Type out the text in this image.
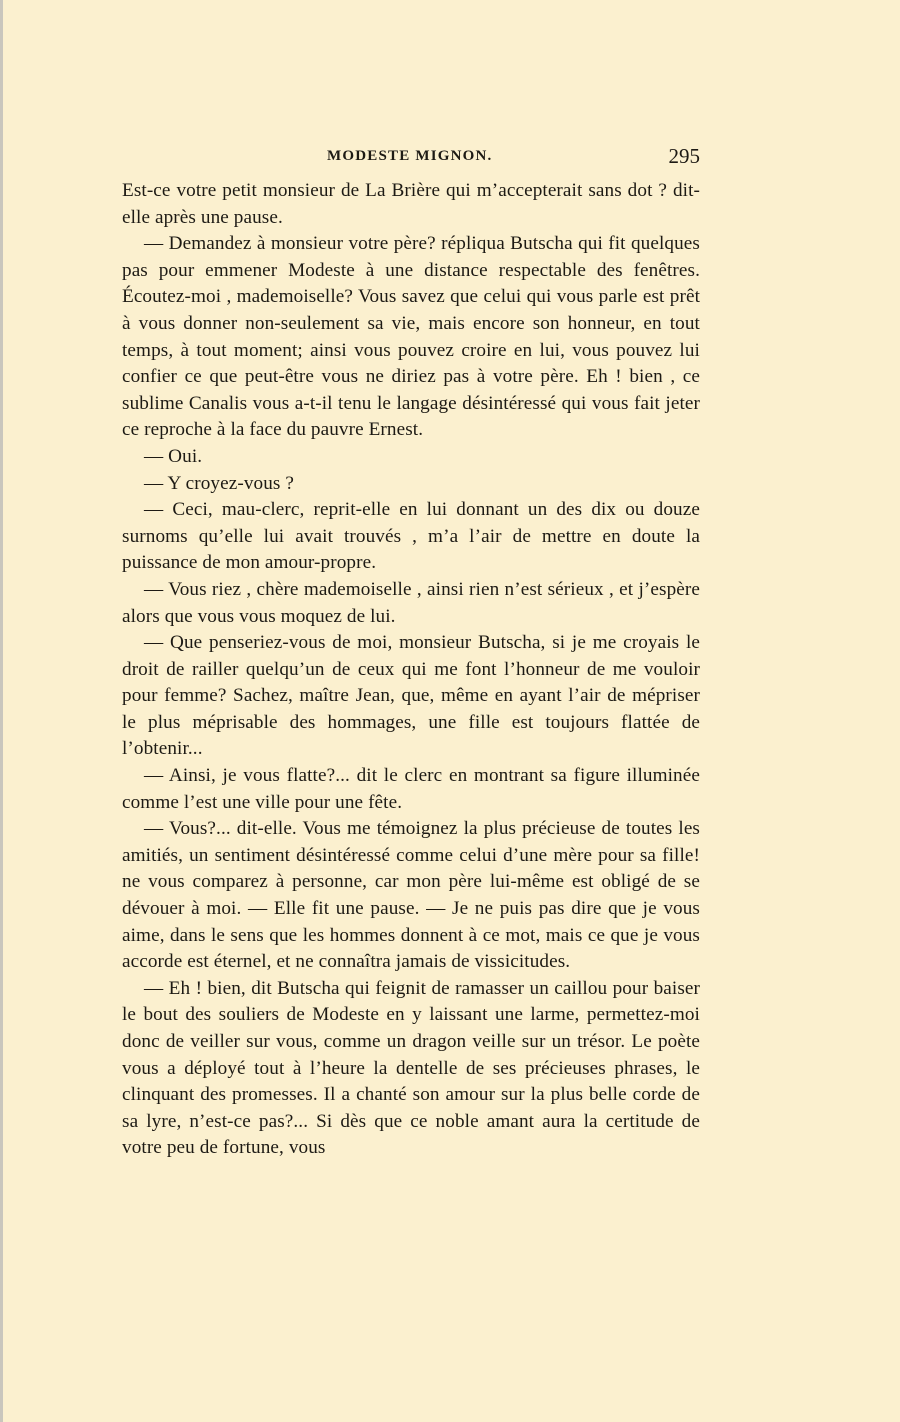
MODESTE MIGNON.	295

Est-ce votre petit monsieur de La Brière qui m’accepterait sans dot ? dit-elle après une pause.

— Demandez à monsieur votre père? répliqua Butscha qui fit quelques pas pour emmener Modeste à une distance respectable des fenêtres. Écoutez-moi , mademoiselle? Vous savez que celui qui vous parle est prêt à vous donner non-seulement sa vie, mais encore son honneur, en tout temps, à tout moment; ainsi vous pouvez croire en lui, vous pouvez lui confier ce que peut-être vous ne diriez pas à votre père. Eh ! bien , ce sublime Canalis vous a-t-il tenu le langage désintéressé qui vous fait jeter ce reproche à la face du pauvre Ernest.

— Oui.

— Y croyez-vous ?

— Ceci, mau-clerc, reprit-elle en lui donnant un des dix ou douze surnoms qu’elle lui avait trouvés , m’a l’air de mettre en doute la puissance de mon amour-propre.

— Vous riez , chère mademoiselle , ainsi rien n’est sérieux , et j’espère alors que vous vous moquez de lui.

— Que penseriez-vous de moi, monsieur Butscha, si je me croyais le droit de railler quelqu’un de ceux qui me font l’honneur de me vouloir pour femme? Sachez, maître Jean, que, même en ayant l’air de mépriser le plus méprisable des hommages, une fille est toujours flattée de l’obtenir...

— Ainsi, je vous flatte?... dit le clerc en montrant sa figure illuminée comme l’est une ville pour une fête.

— Vous?... dit-elle. Vous me témoignez la plus précieuse de toutes les amitiés, un sentiment désintéressé comme celui d’une mère pour sa fille! ne vous comparez à personne, car mon père lui-même est obligé de se dévouer à moi. — Elle fit une pause. — Je ne puis pas dire que je vous aime, dans le sens que les hommes donnent à ce mot, mais ce que je vous accorde est éternel, et ne connaîtra jamais de vissicitudes.

— Eh ! bien, dit Butscha qui feignit de ramasser un caillou pour baiser le bout des souliers de Modeste en y laissant une larme, permettez-moi donc de veiller sur vous, comme un dragon veille sur un trésor. Le poète vous a déployé tout à l’heure la dentelle de ses précieuses phrases, le clinquant des promesses. Il a chanté son amour sur la plus belle corde de sa lyre, n’est-ce pas?... Si dès que ce noble amant aura la certitude de votre peu de fortune, vous
